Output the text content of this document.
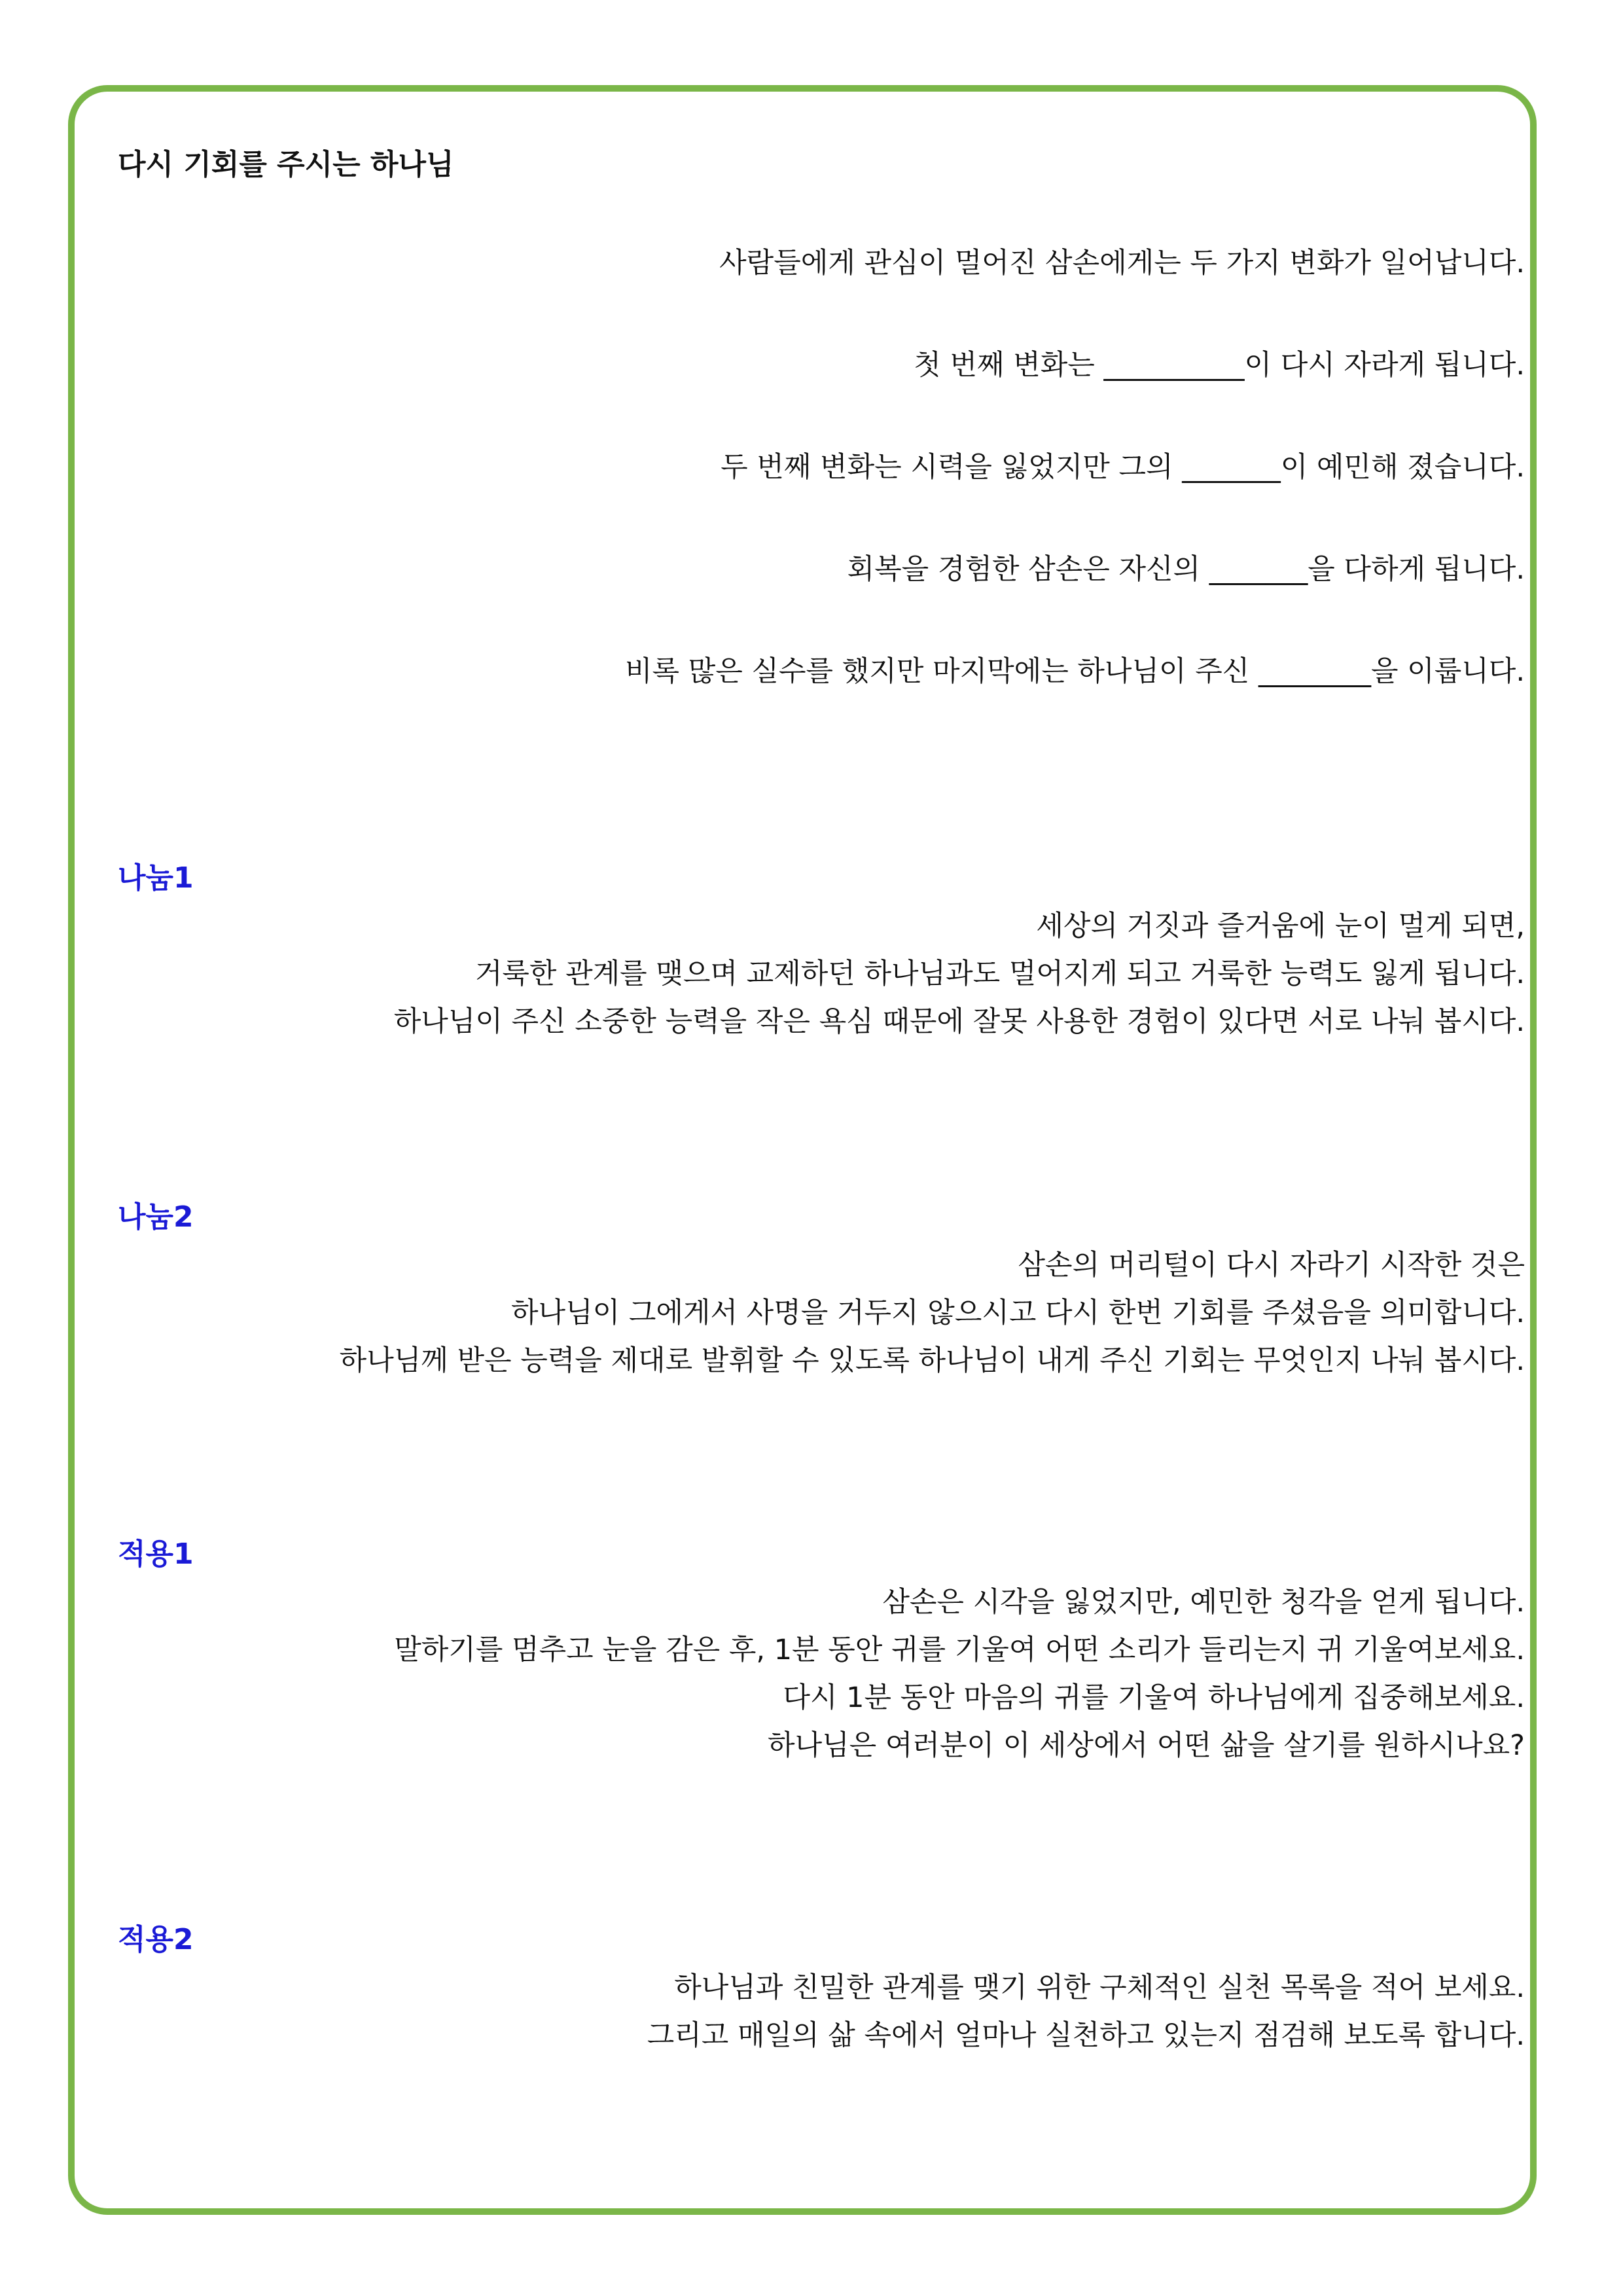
다시 기회를 주시는 하나님
사람들에게 관심이 멀어진 삼손에게는 두 가지 변화가 일어납니다.
첫 번째 변화는 __________이 다시 자라게 됩니다.
두 번째 변화는 시력을 잃었지만 그의 _______이 예민해 졌습니다.
회복을 경험한 삼손은 자신의 _______을 다하게 됩니다.
비록 많은 실수를 했지만 마지막에는 하나님이 주신 ________을 이룹니다.
나눔1
세상의 거짓과 즐거움에 눈이 멀게 되면,
거룩한 관계를 맺으며 교제하던 하나님과도 멀어지게 되고 거룩한 능력도 잃게 됩니다.
하나님이 주신 소중한 능력을 작은 욕심 때문에 잘못 사용한 경험이 있다면 서로 나눠 봅시다.
나눔2
삼손의 머리털이 다시 자라기 시작한 것은
하나님이 그에게서 사명을 거두지 않으시고 다시 한번 기회를 주셨음을 의미합니다.
하나님께 받은 능력을 제대로 발휘할 수 있도록 하나님이 내게 주신 기회는 무엇인지 나눠 봅시다.
적용1
삼손은 시각을 잃었지만, 예민한 청각을 얻게 됩니다.
말하기를 멈추고 눈을 감은 후, 1분 동안 귀를 기울여 어떤 소리가 들리는지 귀 기울여보세요.
다시 1분 동안 마음의 귀를 기울여 하나님에게 집중해보세요.
하나님은 여러분이 이 세상에서 어떤 삶을 살기를 원하시나요?
적용2
하나님과 친밀한 관계를 맺기 위한 구체적인 실천 목록을 적어 보세요.
그리고 매일의 삶 속에서 얼마나 실천하고 있는지 점검해 보도록 합니다.
